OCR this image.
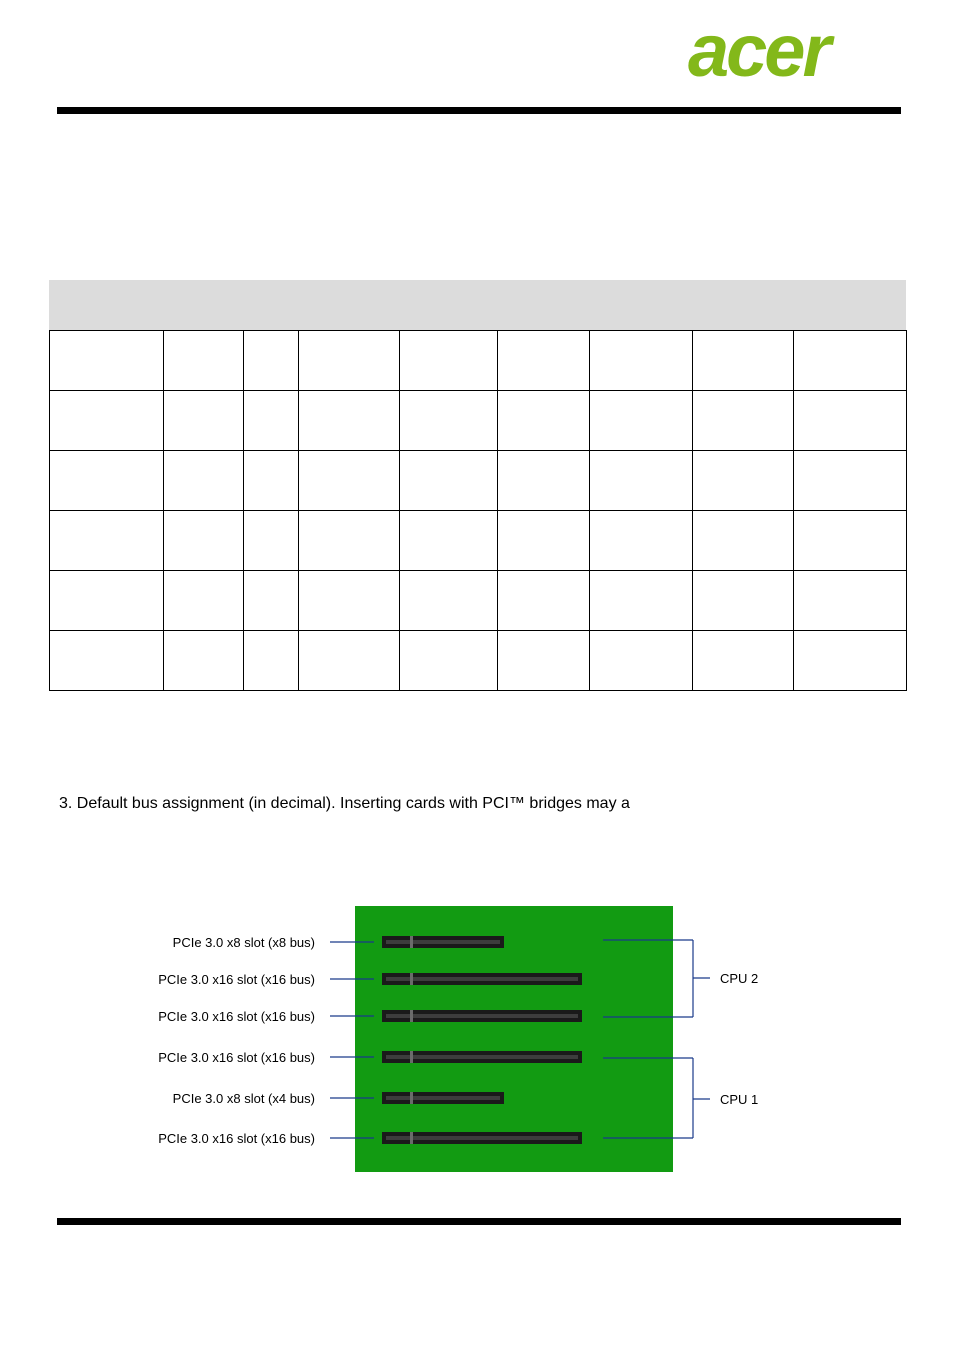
acer

3. Default bus assignment (in decimal). Inserting cards with PCI™ bridges may a
PCIe 3.0 x8 slot (x8 bus)
PCIe 3.0 x16 slot (x16 bus)
PCIe 3.0 x16 slot (x16 bus)
PCIe 3.0 x16 slot (x16 bus)
PCIe 3.0 x8 slot (x4 bus)
PCIe 3.0 x16 slot (x16 bus)
CPU 2
CPU 1
